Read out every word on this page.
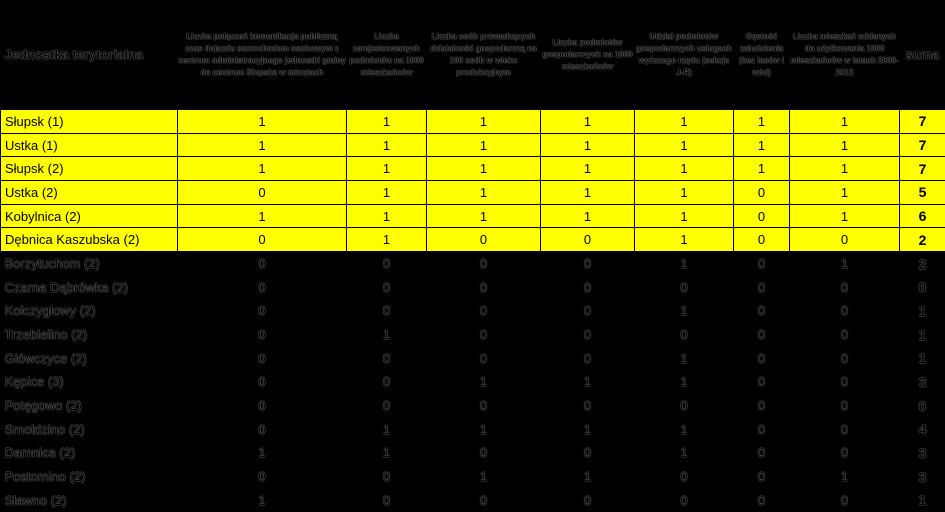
Jednostka terytorialna	Liczba połączeń komunikacja publiczną czas dojazdu samochodem osobowym z centrum administracyjnego jednostki gminy do centrum Słupska w minutach	Liczba zarejestrowanych podmiotów na 1000 mieszkańców	Liczba osób prowadzących działalność gospodarczą na 100 osób w wieku produkcyjnym	Liczba podmiotów gospodarczych na 1000 mieszkańców	Udział podmiotów gospodarczych usługach wyższego rzędu (sekcje J-R)	Gęstość zaludnienia (bez lasów i wód)	Liczba mieszkań oddanych do użytkowania 1000 mieszkańców w latach 2008-2012	suma
Słupsk (1)	1	1	1	1	1	1	1	7
Ustka (1)	1	1	1	1	1	1	1	7
Słupsk (2)	1	1	1	1	1	1	1	7
Ustka (2)	0	1	1	1	1	0	1	5
Kobylnica (2)	1	1	1	1	1	0	1	6
Dębnica Kaszubska (2)	0	1	0	0	1	0	0	2
Borzytuchom (2)	0	0	0	0	1	0	1	2
Czarna Dąbrówka (2)	0	0	0	0	0	0	0	0
Kołczygłowy (2)	0	0	0	0	1	0	0	1
Trzebielino (2)	0	1	0	0	0	0	0	1
Główczyce (2)	0	0	0	0	1	0	0	1
Kępice (3)	0	0	1	1	1	0	0	3
Potęgowo (2)	0	0	0	0	0	0	0	0
Smołdzino (2)	0	1	1	1	1	0	0	4
Damnica (2)	1	1	0	0	1	0	0	3
Postomino (2)	0	0	1	1	0	0	1	3
Sławno (2)	1	0	0	0	0	0	0	1
